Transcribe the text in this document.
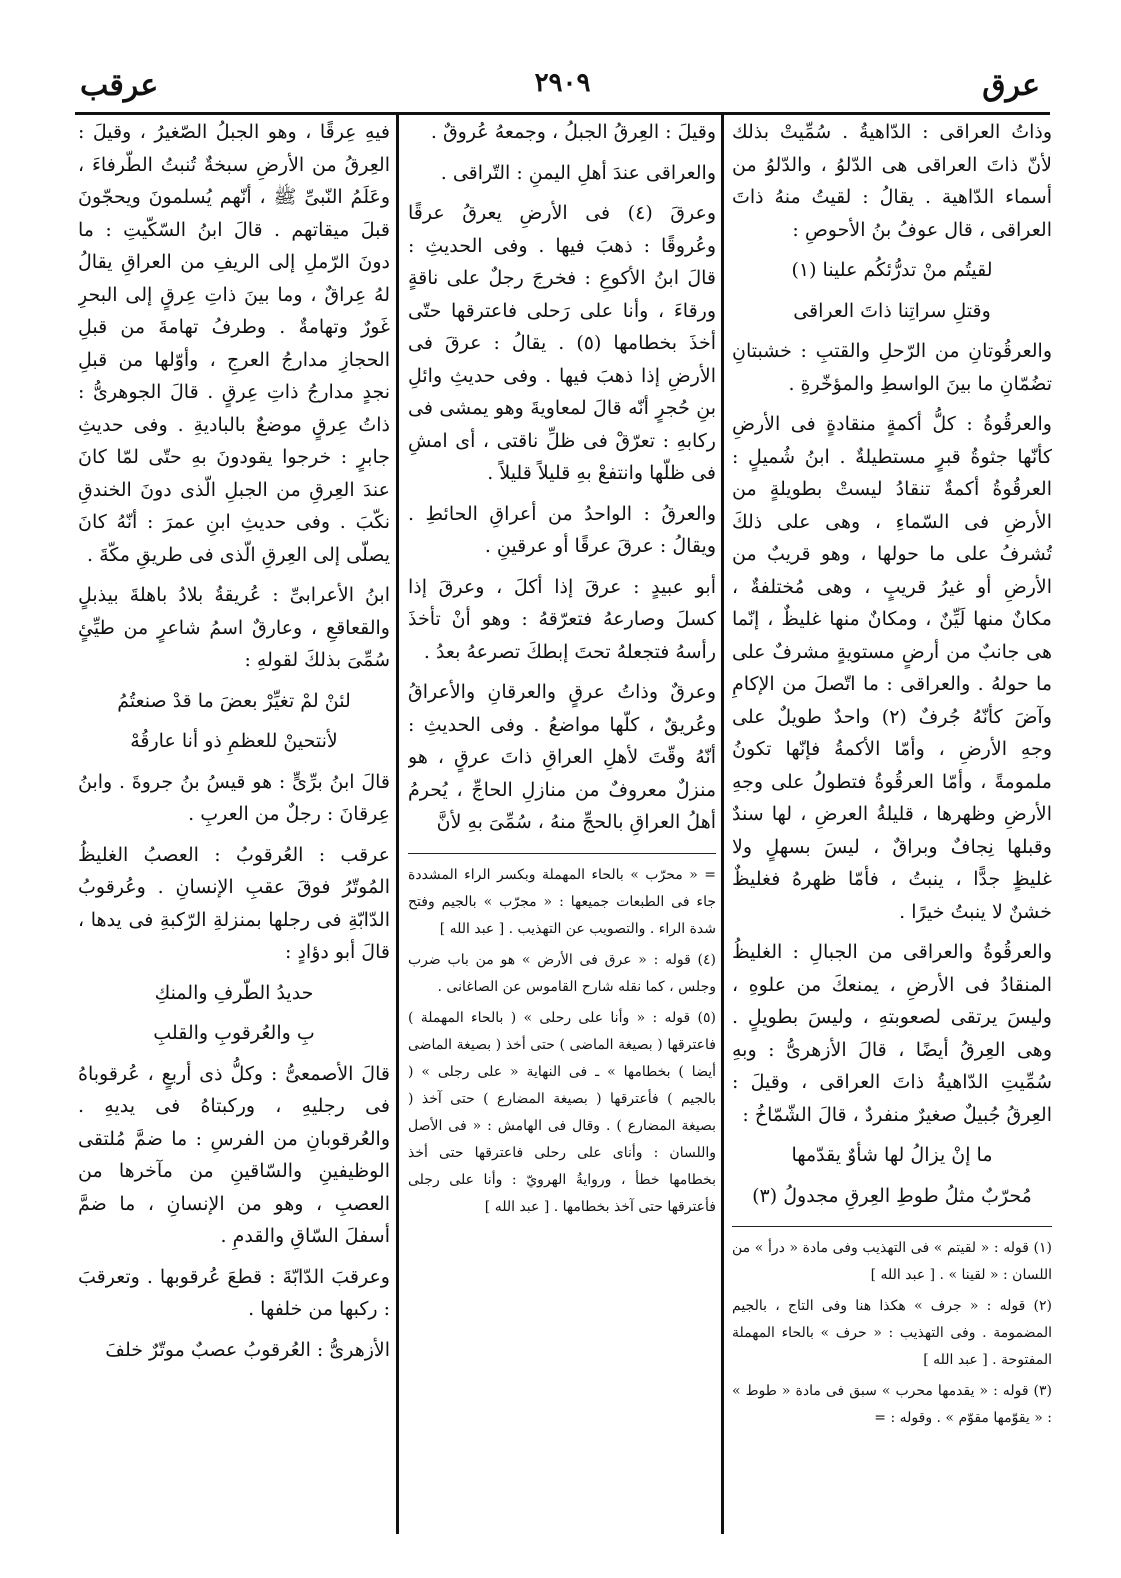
عرق
٢٩٠٩
عرقب

وذاتُ العراقى : الدّاهيةُ . سُمِّيتْ بذلك لأنّ ذاتَ العراقى هى الدّلوُ ، والدّلوُ من أسماء الدّاهية . يقالُ : لقيتُ منهُ ذاتَ العراقى ، قال عوفُ بنُ الأحوصِ :

لقيتُم منْ تدرُّئكُم علينا (١)

وقتلِ سراتِنا ذاتَ العراقى

والعرقُوتانِ من الرّحلِ والقتبِ : خشبتانِ تضُمّانِ ما بينَ الواسطِ والمؤخّرةِ .

والعرقُوةُ : كلُّ أكمةٍ منقادةٍ فى الأرضِ كأنّها جثوةُ قبرٍ مستطيلةٌ . ابنُ شُميلٍ : العرقُوةُ أكمةٌ تنقادُ ليستْ بطويلةٍ من الأرضِ فى السّماءِ ، وهى على ذلكَ تُشرفُ على ما حولها ، وهو قريبٌ من الأرضِ أو غيرُ قريبٍ ، وهى مُختلفةٌ ، مكانٌ منها لَيِّنٌ ، ومكانٌ منها غليظٌ ، إنّما هى جانبٌ من أرضٍ مستويةٍ مشرفٌ على ما حولهُ . والعراقى : ما اتّصلَ من الإكامِ وآضَ كأنّهُ جُرفٌ (٢) واحدٌ طويلٌ على وجهِ الأرضِ ، وأمّا الأكمةُ فإنّها تكونُ ملمومةً ، وأمّا العرقُوةُ فتطولُ على وجهِ الأرضِ وظهرها ، قليلةُ العرضِ ، لها سندٌ وقبلها نِجافٌ وبراقٌ ، ليسَ بسهلٍ ولا غليظٍ جدًّا ، ينبتُ ، فأمّا ظهرهُ فغليظٌ خشنٌ لا ينبتُ خيرًا .

والعرقُوةُ والعراقى من الجبالِ : الغليظُ المنقادُ فى الأرضِ ، يمنعكَ من علوهِ ، وليسَ يرتقى لصعوبتهِ ، وليسَ بطويلٍ . وهى العِرقُ أيضًا ، قالَ الأزهرىُّ : وبهِ سُمِّيتِ الدّاهيةُ ذاتَ العراقى ، وقيلَ : العِرقُ جُبيلٌ صغيرٌ منفردٌ ، قالَ الشّمّاخُ :

ما إنْ يزالُ لها شأوٌ يقدّمها

مُحرّبٌ مثلُ طوطِ العِرقِ مجدولُ (٣)

(١) قوله : « لقيتم » فى التهذيب وفى مادة « درأ » من اللسان : « لقينا » . [ عبد الله ]

(٢) قوله : « جرف » هكذا هنا وفى التاج ، بالجيم المضمومة . وفى التهذيب : « حرف » بالحاء المهملة المفتوحة . [ عبد الله ]

(٣) قوله : « يقدمها محرب » سبق فى مادة « طوط » : « يقوّمها مقوّم » . وقوله : =

وقيلَ : العِرقُ الجبلُ ، وجمعهُ عُروقٌ .

والعراقى عندَ أهلِ اليمنِ : التّراقى .

وعرقَ (٤) فى الأرضِ يعرقُ عرقًا وعُروقًا : ذهبَ فيها . وفى الحديثِ : قالَ ابنُ الأكوعِ : فخرجَ رجلٌ على ناقةٍ ورقاءَ ، وأنا على رَحلى فاعترقها حتّى أخذَ بخطامها (٥) . يقالُ : عرقَ فى الأرضِ إذا ذهبَ فيها . وفى حديثِ وائلِ بنِ حُجرٍ أنّه قالَ لمعاويةَ وهو يمشى فى ركابهِ : تعرّقْ فى ظلِّ ناقتى ، أى امشِ فى ظلّها وانتفعْ بهِ قليلاً قليلاً .

والعرقُ : الواحدُ من أعراقِ الحائطِ . ويقالُ : عرقَ عرقًا أو عرقينِ .

أبو عبيدٍ : عرقَ إذا أكلَ ، وعرقَ إذا كسلَ وصارعهُ فتعرّقهُ : وهو أنْ تأخذَ رأسهُ فتجعلهُ تحتَ إبطكَ تصرعهُ بعدُ .

وعرقٌ وذاتُ عرقٍ والعرقانِ والأعراقُ وعُريقٌ ، كلّها مواضعُ . وفى الحديثِ : أنّهُ وقّتَ لأهلِ العراقِ ذاتَ عرقٍ ، هو منزلٌ معروفٌ من منازلِ الحاجِّ ، يُحرمُ أهلُ العراقِ بالحجِّ منهُ ، سُمِّىَ بهِ لأنَّ

= « محرّب » بالحاء المهملة وبكسر الراء المشددة جاء فى الطبعات جميعها : « مجرّب » بالجيم وفتح شدة الراء . والتصويب عن التهذيب . [ عبد الله ]

(٤) قوله : « عرق فى الأرض » هو من باب ضرب وجلس ، كما نقله شارح القاموس عن الصاغانى .

(٥) قوله : « وأنا على رحلى » ( بالحاء المهملة ) فاعترقها ( بصيغة الماضى ) حتى أخذ ( بصيغة الماضى أيضا ) بخطامها » ـ فى النهاية « على رجلى » ( بالجيم ) فأعترقها ( بصيغة المضارع ) حتى آخذ ( بصيغة المضارع ) . وقال فى الهامش : « فى الأصل واللسان : وأناى على رحلى فاعترقها حتى أخذ بخطامها خطأ ، وروايةُ الهرويّ : وأنا على رجلى فأعترقها حتى آخذ بخطامها . [ عبد الله ]

فيهِ عِرقًا ، وهو الجبلُ الصّغيرُ ، وقيلَ : العِرقُ من الأرضِ سبخةٌ تُنبتُ الطّرفاءَ ، وعَلَمُ النّبىِّ ﷺ ، أنّهم يُسلمونَ ويحجّونَ قبلَ ميقاتهم . قالَ ابنُ السّكّيتِ : ما دونَ الرّملِ إلى الريفِ من العراقِ يقالُ لهُ عِراقٌ ، وما بينَ ذاتِ عِرقٍ إلى البحرِ غَورٌ وتهامةٌ . وطرفُ تهامةَ من قبلِ الحجازِ مدارجُ العرجِ ، وأوّلها من قبلِ نجدٍ مدارجُ ذاتِ عِرقٍ . قالَ الجوهرىُّ : ذاتُ عِرقٍ موضعٌ بالباديةِ . وفى حديثِ جابرٍ : خرجوا يقودونَ بهِ حتّى لمّا كانَ عندَ العِرقِ من الجبلِ الّذى دونَ الخندقِ نكّبَ . وفى حديثِ ابنِ عمرَ : أنّهُ كانَ يصلّى إلى العِرقِ الّذى فى طريقِ مكّةَ .

ابنُ الأعرابىِّ : عُريقةُ بلادُ باهلةَ بيذبلٍ والقعاقعِ ، وعارقٌ اسمُ شاعرٍ من طيِّئٍ سُمِّىَ بذلكَ لقولهِ :

لئنْ لمْ تغيِّرْ بعضَ ما قدْ صنعتُمُ

لأنتحينْ للعظمِ ذو أنا عارقُهْ

قالَ ابنُ برِّىٍّ : هو قيسُ بنُ جروةَ . وابنُ عِرقانَ : رجلٌ من العربِ .

عرقب : العُرقوبُ : العصبُ الغليظُ المُوتّرُ فوقَ عقبِ الإنسانِ . وعُرقوبُ الدّابّةِ فى رجلها بمنزلةِ الرّكبةِ فى يدها ، قالَ أبو دؤادٍ :

حديدُ الطّرفِ والمنكِ

بِ والعُرقوبِ والقلبِ

قالَ الأصمعىُّ : وكلُّ ذى أربعٍ ، عُرقوباهُ فى رجليهِ ، وركبتاهُ فى يديهِ . والعُرقوبانِ من الفرسِ : ما ضمَّ مُلتقى الوظيفينِ والسّاقينِ من مآخرها من العصبِ ، وهو من الإنسانِ ، ما ضمَّ أسفلَ السّاقِ والقدمِ .

وعرقبَ الدّابّةَ : قطعَ عُرقوبها . وتعرقبَ : ركبها من خلفها .

الأزهرىُّ : العُرقوبُ عصبٌ موتّرٌ خلفَ
